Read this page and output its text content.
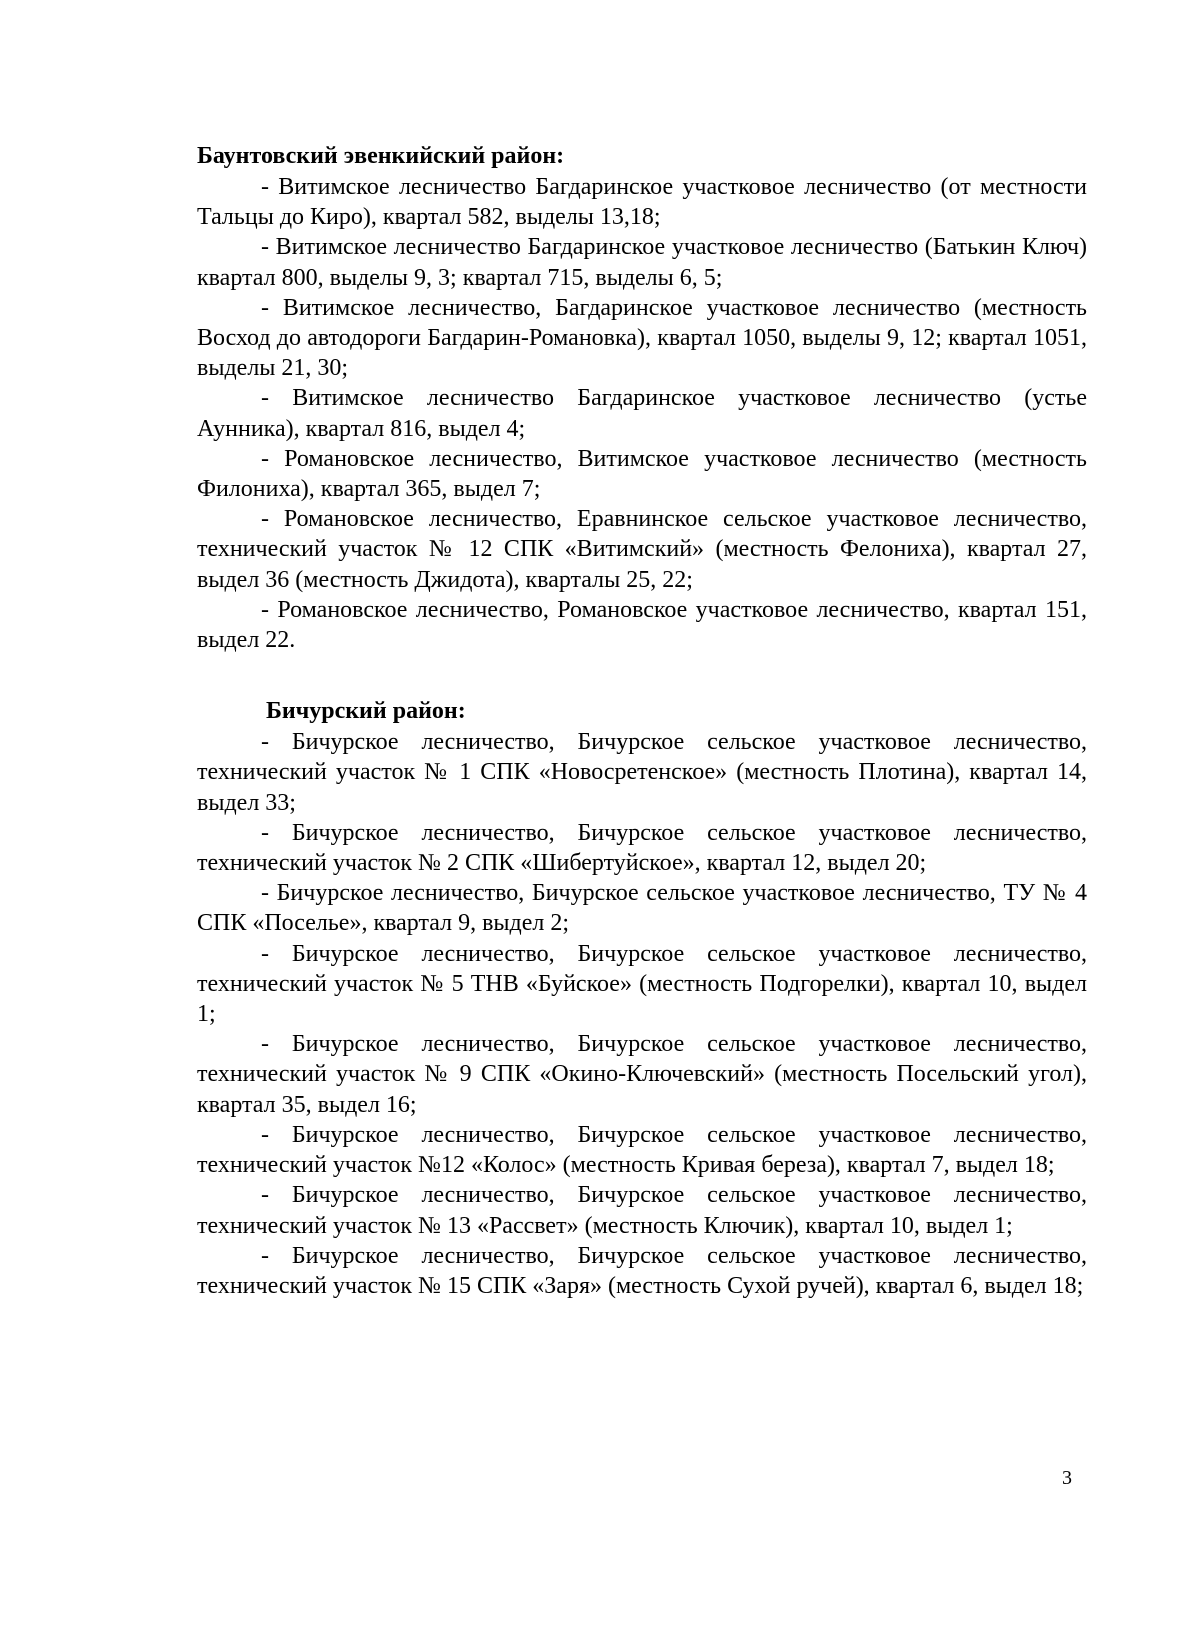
Баунтовский эвенкийский район:

- Витимское лесничество Багдаринское участковое лесничество (от местности Тальцы до Киро), квартал 582, выделы 13,18;

- Витимское лесничество Багдаринское участковое лесничество (Батькин Ключ) квартал 800, выделы 9, 3; квартал 715, выделы 6, 5;

- Витимское лесничество, Багдаринское участковое лесничество (местность Восход до автодороги Багдарин-Романовка), квартал 1050, выделы 9, 12; квартал 1051, выделы 21, 30;

- Витимское лесничество Багдаринское участковое лесничество (устье Аунника), квартал 816, выдел 4;

- Романовское лесничество, Витимское участковое лесничество (местность Филониха), квартал 365, выдел 7;

- Романовское лесничество, Еравнинское сельское участковое лесничество, технический участок № 12 СПК «Витимский» (местность Фелониха), квартал 27, выдел 36 (местность Джидота), кварталы 25, 22;

- Романовское лесничество, Романовское участковое лесничество, квартал 151, выдел 22.

Бичурский район:

- Бичурское лесничество, Бичурское сельское участковое лесничество, технический участок № 1 СПК «Новосретенское» (местность Плотина), квартал 14, выдел 33;

- Бичурское лесничество, Бичурское сельское участковое лесничество, технический участок № 2 СПК «Шибертуйское», квартал 12, выдел 20;

- Бичурское лесничество, Бичурское сельское участковое лесничество, ТУ № 4 СПК «Поселье», квартал 9, выдел 2;

- Бичурское лесничество, Бичурское сельское участковое лесничество, технический участок № 5 ТНВ «Буйское» (местность Подгорелки), квартал 10, выдел 1;

- Бичурское лесничество, Бичурское сельское участковое лесничество, технический участок № 9 СПК «Окино-Ключевский» (местность Посельский угол), квартал 35, выдел 16;

- Бичурское лесничество, Бичурское сельское участковое лесничество, технический участок №12 «Колос» (местность Кривая береза), квартал 7, выдел 18;

- Бичурское лесничество, Бичурское сельское участковое лесничество, технический участок № 13 «Рассвет» (местность Ключик), квартал 10, выдел 1;

- Бичурское лесничество, Бичурское сельское участковое лесничество, технический участок № 15 СПК «Заря» (местность Сухой ручей), квартал 6, выдел 18;

3
